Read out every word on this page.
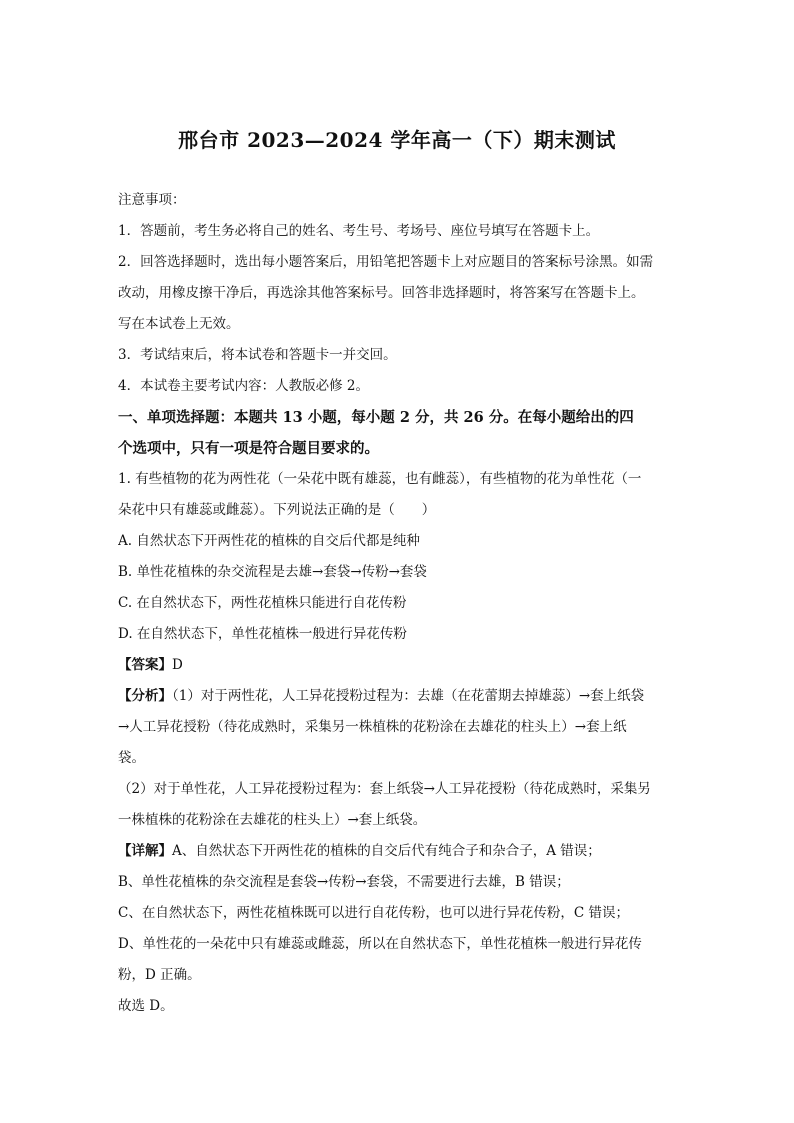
邢台市 2023—2024 学年高一（下）期末测试
注意事项：
1．答题前，考生务必将自己的姓名、考生号、考场号、座位号填写在答题卡上。
2．回答选择题时，选出每小题答案后，用铅笔把答题卡上对应题目的答案标号涂黑。如需
改动，用橡皮擦干净后，再选涂其他答案标号。回答非选择题时，将答案写在答题卡上。
写在本试卷上无效。
3．考试结束后，将本试卷和答题卡一并交回。
4．本试卷主要考试内容：人教版必修 2。
一、单项选择题：本题共 13 小题，每小题 2 分，共 26 分。在每小题给出的四
个选项中，只有一项是符合题目要求的。
1. 有些植物的花为两性花（一朵花中既有雄蕊，也有雌蕊），有些植物的花为单性花（一
朵花中只有雄蕊或雌蕊）。下列说法正确的是（　　）
A. 自然状态下开两性花的植株的自交后代都是纯种
B. 单性花植株的杂交流程是去雄→套袋→传粉→套袋
C. 在自然状态下，两性花植株只能进行自花传粉
D. 在自然状态下，单性花植株一般进行异花传粉
【答案】D
【分析】（1）对于两性花，人工异花授粉过程为：去雄（在花蕾期去掉雄蕊）→套上纸袋
→人工异花授粉（待花成熟时，采集另一株植株的花粉涂在去雄花的柱头上）→套上纸
袋。
（2）对于单性花，人工异花授粉过程为：套上纸袋→人工异花授粉（待花成熟时，采集另
一株植株的花粉涂在去雄花的柱头上）→套上纸袋。
【详解】A、自然状态下开两性花的植株的自交后代有纯合子和杂合子，A 错误；
B、单性花植株的杂交流程是套袋→传粉→套袋，不需要进行去雄，B 错误；
C、在自然状态下，两性花植株既可以进行自花传粉，也可以进行异花传粉，C 错误；
D、单性花的一朵花中只有雄蕊或雌蕊，所以在自然状态下，单性花植株一般进行异花传
粉，D 正确。
故选 D。
